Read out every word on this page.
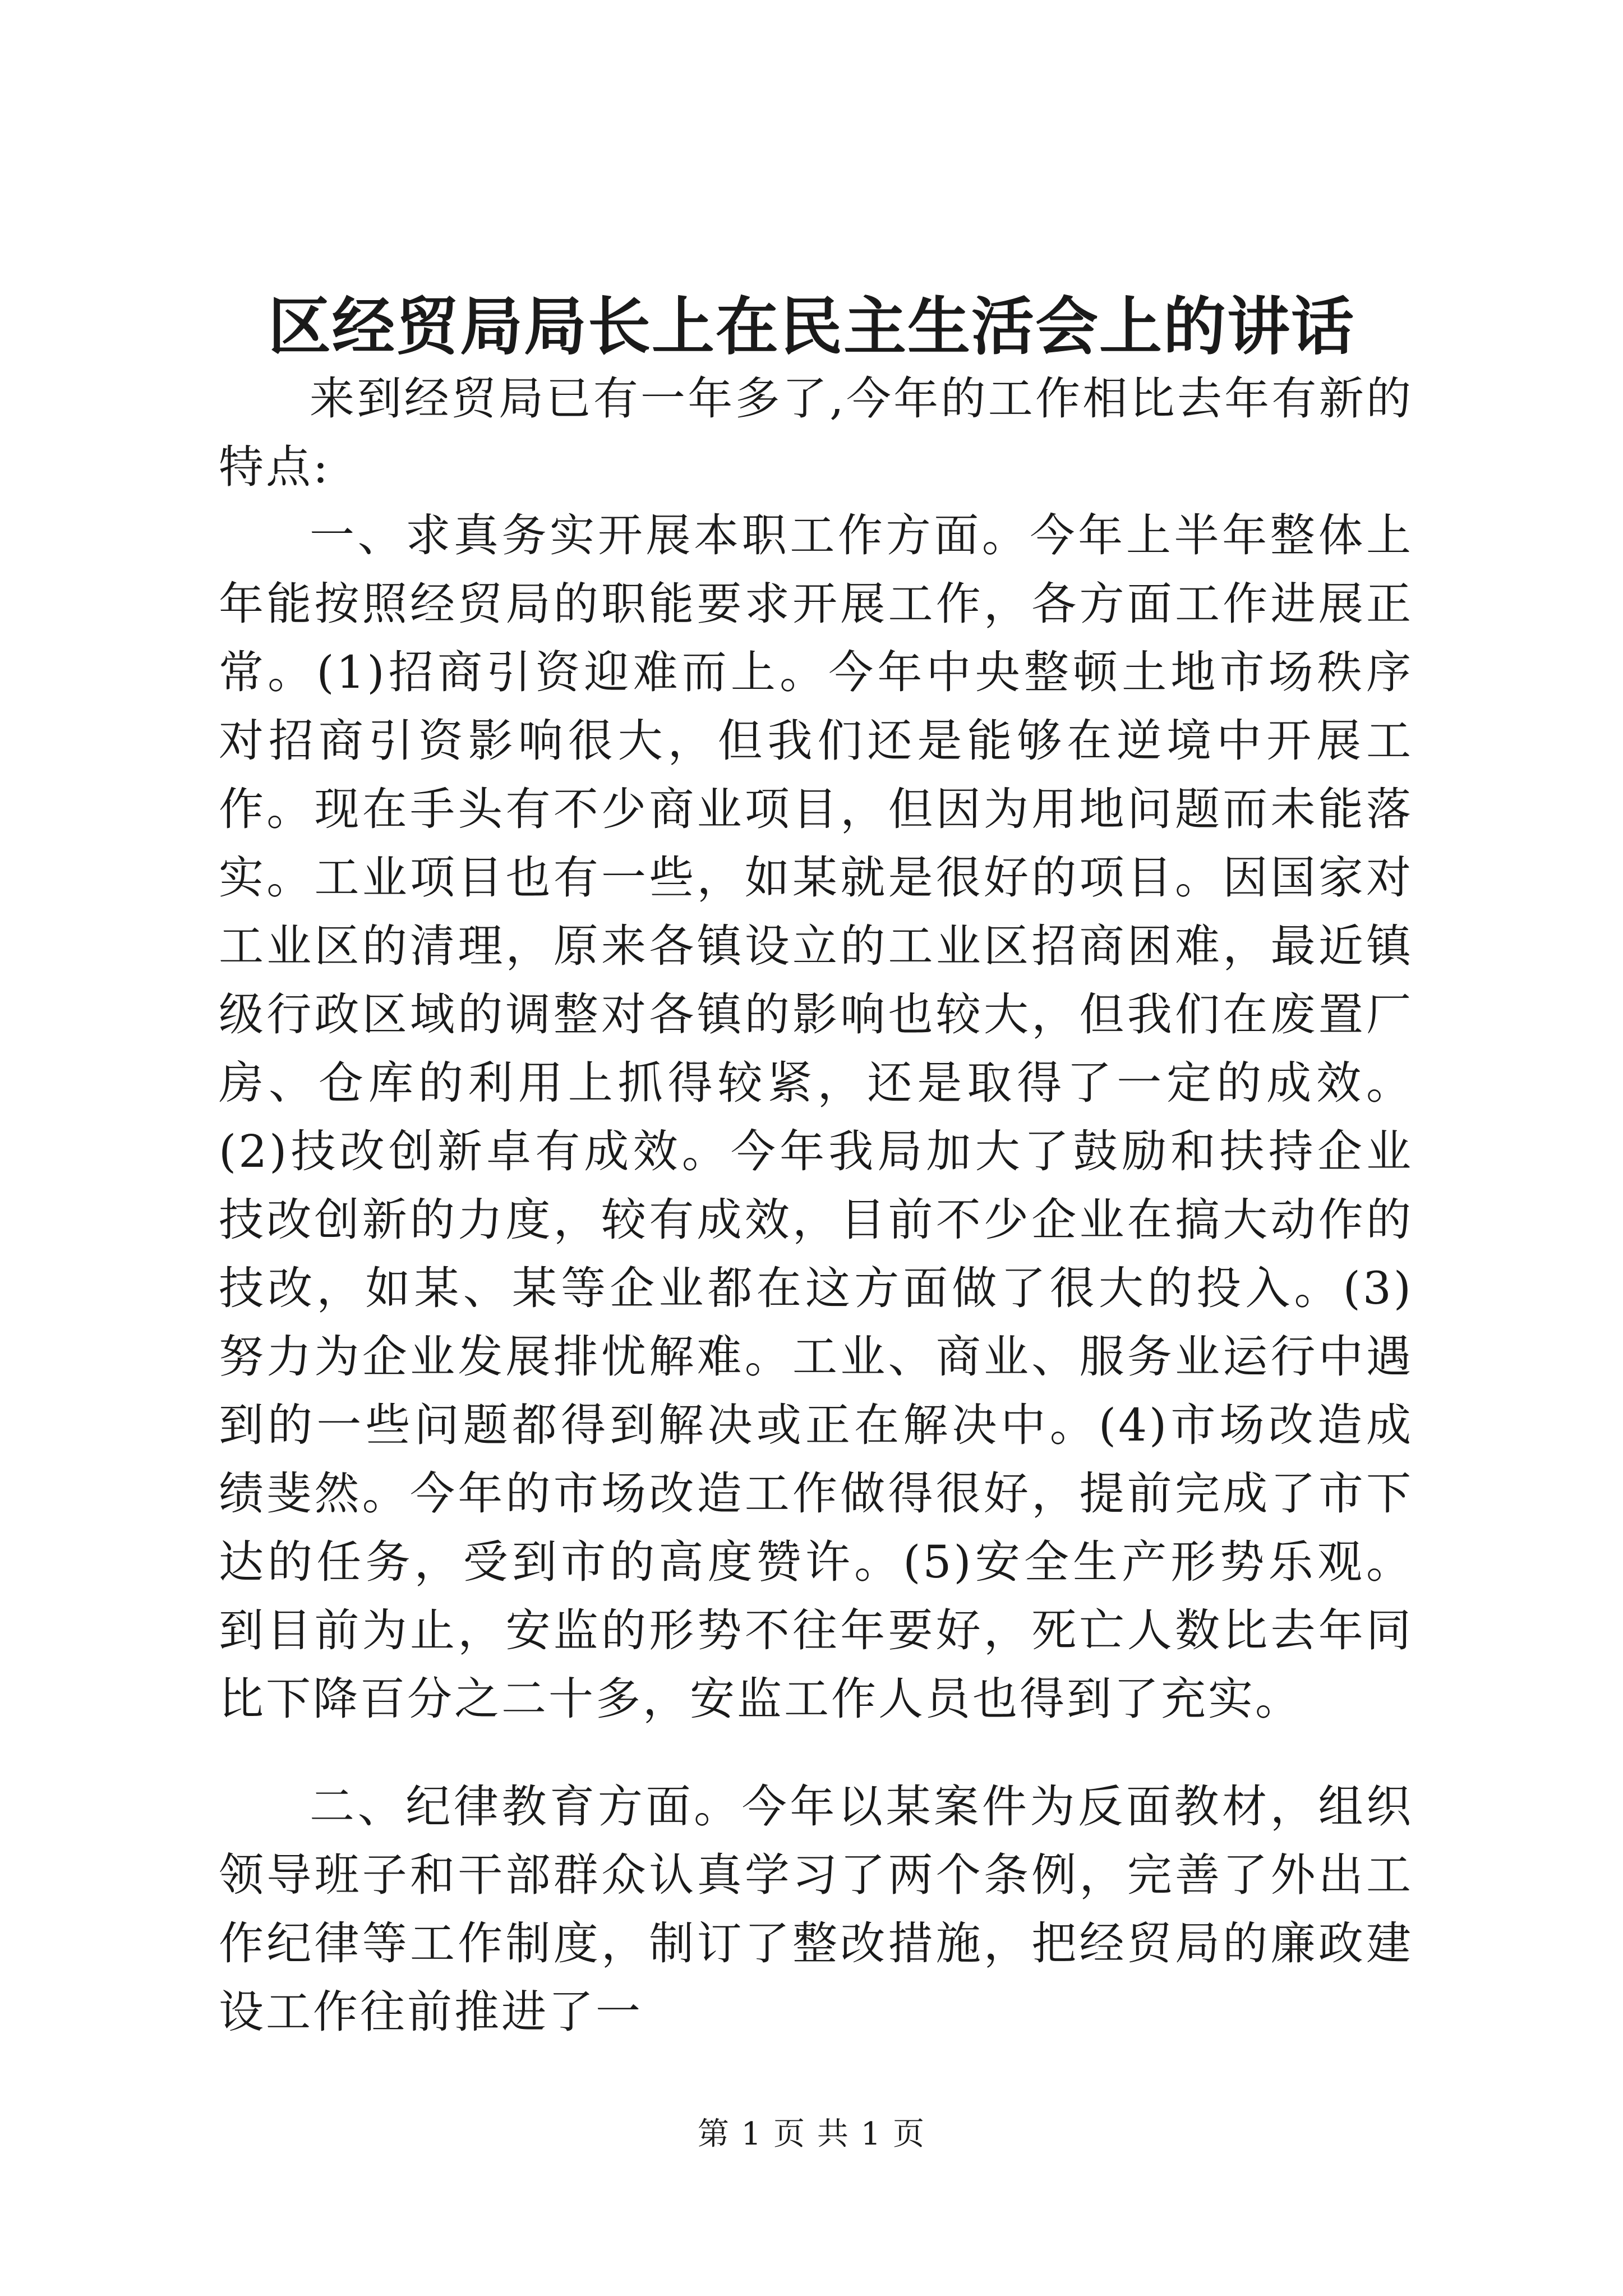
区经贸局局长上在民主生活会上的讲话

来到经贸局已有一年多了,今年的工作相比去年有新的特点:

一、求真务实开展本职工作方面。今年上半年整体上年能按照经贸局的职能要求开展工作，各方面工作进展正常。(1)招商引资迎难而上。今年中央整顿土地市场秩序对招商引资影响很大，但我们还是能够在逆境中开展工作。现在手头有不少商业项目，但因为用地问题而未能落实。工业项目也有一些，如某就是很好的项目。因国家对工业区的清理，原来各镇设立的工业区招商困难，最近镇级行政区域的调整对各镇的影响也较大，但我们在废置厂房、仓库的利用上抓得较紧，还是取得了一定的成效。(2)技改创新卓有成效。今年我局加大了鼓励和扶持企业技改创新的力度，较有成效，目前不少企业在搞大动作的技改，如某、某等企业都在这方面做了很大的投入。(3)努力为企业发展排忧解难。工业、商业、服务业运行中遇到的一些问题都得到解决或正在解决中。(4)市场改造成绩斐然。今年的市场改造工作做得很好，提前完成了市下达的任务，受到市的高度赞许。(5)安全生产形势乐观。到目前为止，安监的形势不往年要好，死亡人数比去年同比下降百分之二十多，安监工作人员也得到了充实。

二、纪律教育方面。今年以某案件为反面教材，组织领导班子和干部群众认真学习了两个条例，完善了外出工作纪律等工作制度，制订了整改措施，把经贸局的廉政建设工作往前推进了一

第 1 页 共 1 页
